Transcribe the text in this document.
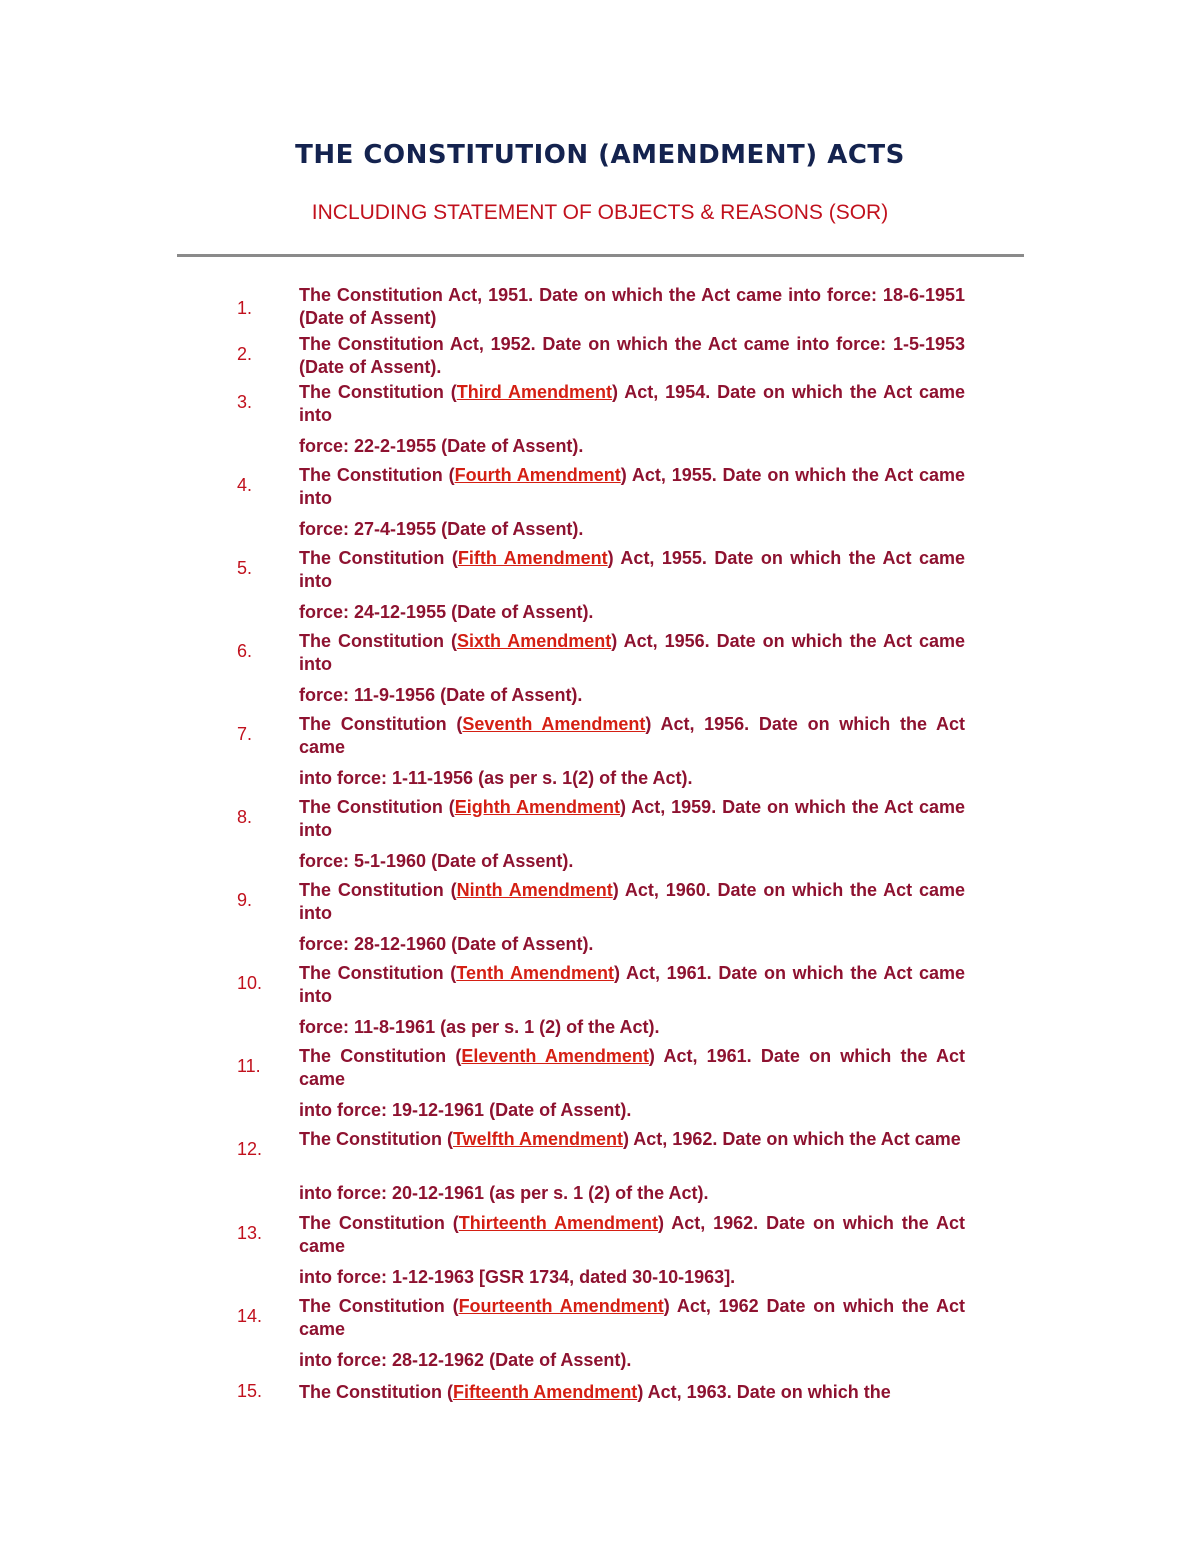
THE CONSTITUTION (AMENDMENT) ACTS
INCLUDING STATEMENT OF OBJECTS & REASONS (SOR)
1.
The Constitution Act, 1951. Date on which the Act came into force: 18-6-1951 (Date of Assent)
2.	The Constitution Act, 1952. Date on which the Act came into force: 1-5-1953 (Date of Assent).
3.	The Constitution (Third Amendment) Act, 1954. Date on which the Act came into
force: 22-2-1955 (Date of Assent).
4.	The Constitution (Fourth Amendment) Act, 1955. Date on which the Act came into
force: 27-4-1955 (Date of Assent).
5.	The Constitution (Fifth Amendment) Act, 1955. Date on which the Act came into
force: 24-12-1955 (Date of Assent).
6.	The Constitution (Sixth Amendment) Act, 1956. Date on which the Act came into
force: 11-9-1956 (Date of Assent).
7.	The Constitution (Seventh Amendment) Act, 1956. Date on which the Act came
into force: 1-11-1956 (as per s. 1(2) of the Act).
8.	The Constitution (Eighth Amendment) Act, 1959. Date on which the Act came into
force: 5-1-1960 (Date of Assent).
9.	The Constitution (Ninth Amendment) Act, 1960. Date on which the Act came into
force: 28-12-1960 (Date of Assent).
10. The Constitution (Tenth Amendment) Act, 1961. Date on which the Act came into
force: 11-8-1961 (as per s. 1 (2) of the Act).
11. The Constitution (Eleventh Amendment) Act, 1961. Date on which the Act came
into force: 19-12-1961 (Date of Assent).
12. The Constitution (Twelfth Amendment) Act, 1962. Date on which the Act came
into force: 20-12-1961 (as per s. 1 (2) of the Act).
13. The Constitution (Thirteenth Amendment) Act, 1962. Date on which the Act came
into force: 1-12-1963 [GSR 1734, dated 30-10-1963].
14. The Constitution (Fourteenth Amendment) Act, 1962 Date on which the Act came
into force: 28-12-1962 (Date of Assent).
15. The Constitution (Fifteenth Amendment) Act, 1963. Date on which the
